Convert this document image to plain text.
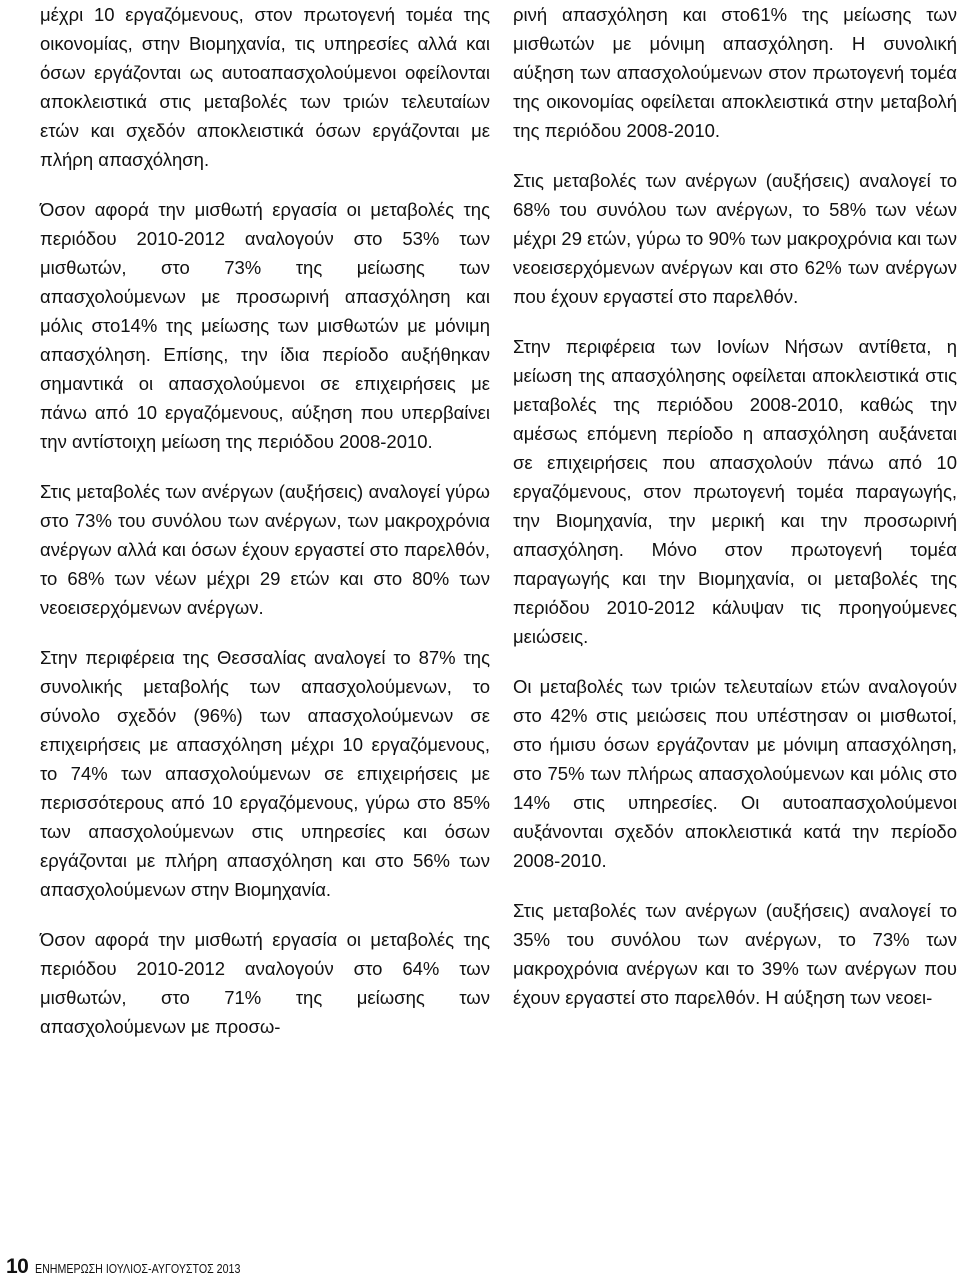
μέχρι 10 εργαζόμενους, στον πρωτογενή τομέα της οικονομίας, στην Βιομηχανία, τις υπηρεσίες αλλά και όσων εργάζονται ως αυτοαπασχολούμενοι οφείλονται αποκλειστικά στις μεταβολές των τριών τελευταίων ετών και σχεδόν αποκλειστικά όσων εργάζονται με πλήρη απασχόληση.

Όσον αφορά την μισθωτή εργασία οι μεταβολές της περιόδου 2010-2012 αναλογούν στο 53% των μισθωτών, στο 73% της μείωσης των απασχολούμενων με προσωρινή απασχόληση και μόλις στο14% της μείωσης των μισθωτών με μόνιμη απασχόληση. Επίσης, την ίδια περίοδο αυξήθηκαν σημαντικά οι απασχολούμενοι σε επιχειρήσεις με πάνω από 10 εργαζόμενους, αύξηση που υπερβαίνει την αντίστοιχη μείωση της περιόδου 2008-2010.

Στις μεταβολές των ανέργων (αυξήσεις) αναλογεί γύρω στο 73% του συνόλου των ανέργων, των μακροχρόνια ανέργων αλλά και όσων έχουν εργαστεί στο παρελθόν, το 68% των νέων μέχρι 29 ετών και στο 80% των νεοεισερχόμενων ανέργων.

Στην περιφέρεια της Θεσσαλίας αναλογεί το 87% της συνολικής μεταβολής των απασχολούμενων, το σύνολο σχεδόν (96%) των απασχολούμενων σε επιχειρήσεις με απασχόληση μέχρι 10 εργαζόμενους, το 74% των απασχολούμενων σε επιχειρήσεις με περισσότερους από 10 εργαζόμενους, γύρω στο 85% των απασχολούμενων στις υπηρεσίες και όσων εργάζονται με πλήρη απασχόληση και στο 56% των απασχολούμενων στην Βιομηχανία.

Όσον αφορά την μισθωτή εργασία οι μεταβολές της περιόδου 2010-2012 αναλογούν στο 64% των μισθωτών, στο 71% της μείωσης των απασχολούμενων με προσω-

ρινή απασχόληση και στο61% της μείωσης των μισθωτών με μόνιμη απασχόληση. Η συνολική αύξηση των απασχολούμενων στον πρωτογενή τομέα της οικονομίας οφείλεται αποκλειστικά στην μεταβολή της περιόδου 2008-2010.

Στις μεταβολές των ανέργων (αυξήσεις) αναλογεί το 68% του συνόλου των ανέργων, το 58% των νέων μέχρι 29 ετών, γύρω το 90% των μακροχρόνια και των νεοεισερχόμενων ανέργων και στο 62% των ανέργων που έχουν εργαστεί στο παρελθόν.

Στην περιφέρεια των Ιονίων Νήσων αντίθετα, η μείωση της απασχόλησης οφείλεται αποκλειστικά στις μεταβολές της περιόδου 2008-2010, καθώς την αμέσως επόμενη περίοδο η απασχόληση αυξάνεται σε επιχειρήσεις που απασχολούν πάνω από 10 εργαζόμενους, στον πρωτογενή τομέα παραγωγής, την Βιομηχανία, την μερική και την προσωρινή απασχόληση. Μόνο στον πρωτογενή τομέα παραγωγής και την Βιομηχανία, οι μεταβολές της περιόδου 2010-2012 κάλυψαν τις προηγούμενες μειώσεις.

Οι μεταβολές των τριών τελευταίων ετών αναλογούν στο 42% στις μειώσεις που υπέστησαν οι μισθωτοί, στο ήμισυ όσων εργάζονταν με μόνιμη απασχόληση, στο 75% των πλήρως απασχολούμενων και μόλις στο 14% στις υπηρεσίες. Οι αυτοαπασχολούμενοι αυξάνονται σχεδόν αποκλειστικά κατά την περίοδο 2008-2010.

Στις μεταβολές των ανέργων (αυξήσεις) αναλογεί το 35% του συνόλου των ανέργων, το 73% των μακροχρόνια ανέργων και το 39% των ανέργων που έχουν εργαστεί στο παρελθόν. Η αύξηση των νεοει-

10 ΕΝΗΜΕΡΩΣΗ ΙΟΥΛΙΟΣ-ΑΥΓΟΥΣΤΟΣ 2013
